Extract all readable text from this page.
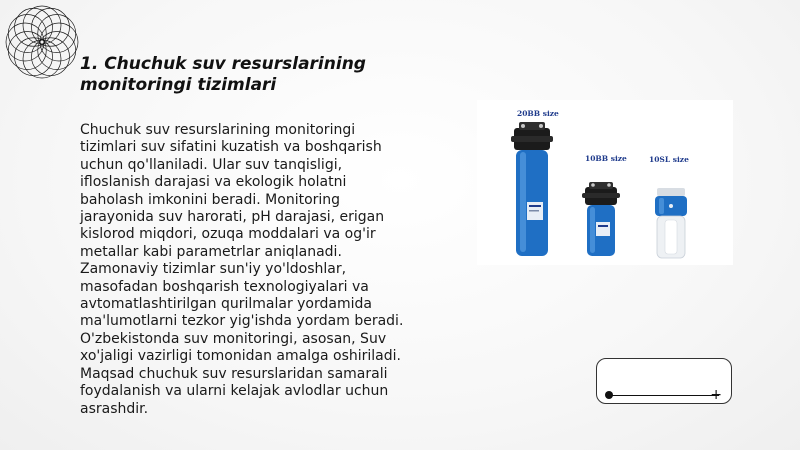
1. Chuchuk suv resurslarining monitoringi tizimlari

Chuchuk suv resurslarining monitoringi tizimlari suv sifatini kuzatish va boshqarish uchun qo'llaniladi. Ular suv tanqisligi, ifloslanish darajasi va ekologik holatni baholash imkonini beradi. Monitoring jarayonida suv harorati, pH darajasi, erigan kislorod miqdori, ozuqa moddalari va og'ir metallar kabi parametrlar aniqlanadi. Zamonaviy tizimlar sun'iy yo'ldoshlar, masofadan boshqarish texnologiyalari va avtomatlashtirilgan qurilmalar yordamida ma'lumotlarni tezkor yig'ishda yordam beradi. O'zbekistonda suv monitoringi, asosan, Suv xo'jaligi vazirligi tomonidan amalga oshiriladi. Maqsad chuchuk suv resurslaridan samarali foydalanish va ularni kelajak avlodlar uchun asrashdir.

20BB size
10BB size	10SL size
+
